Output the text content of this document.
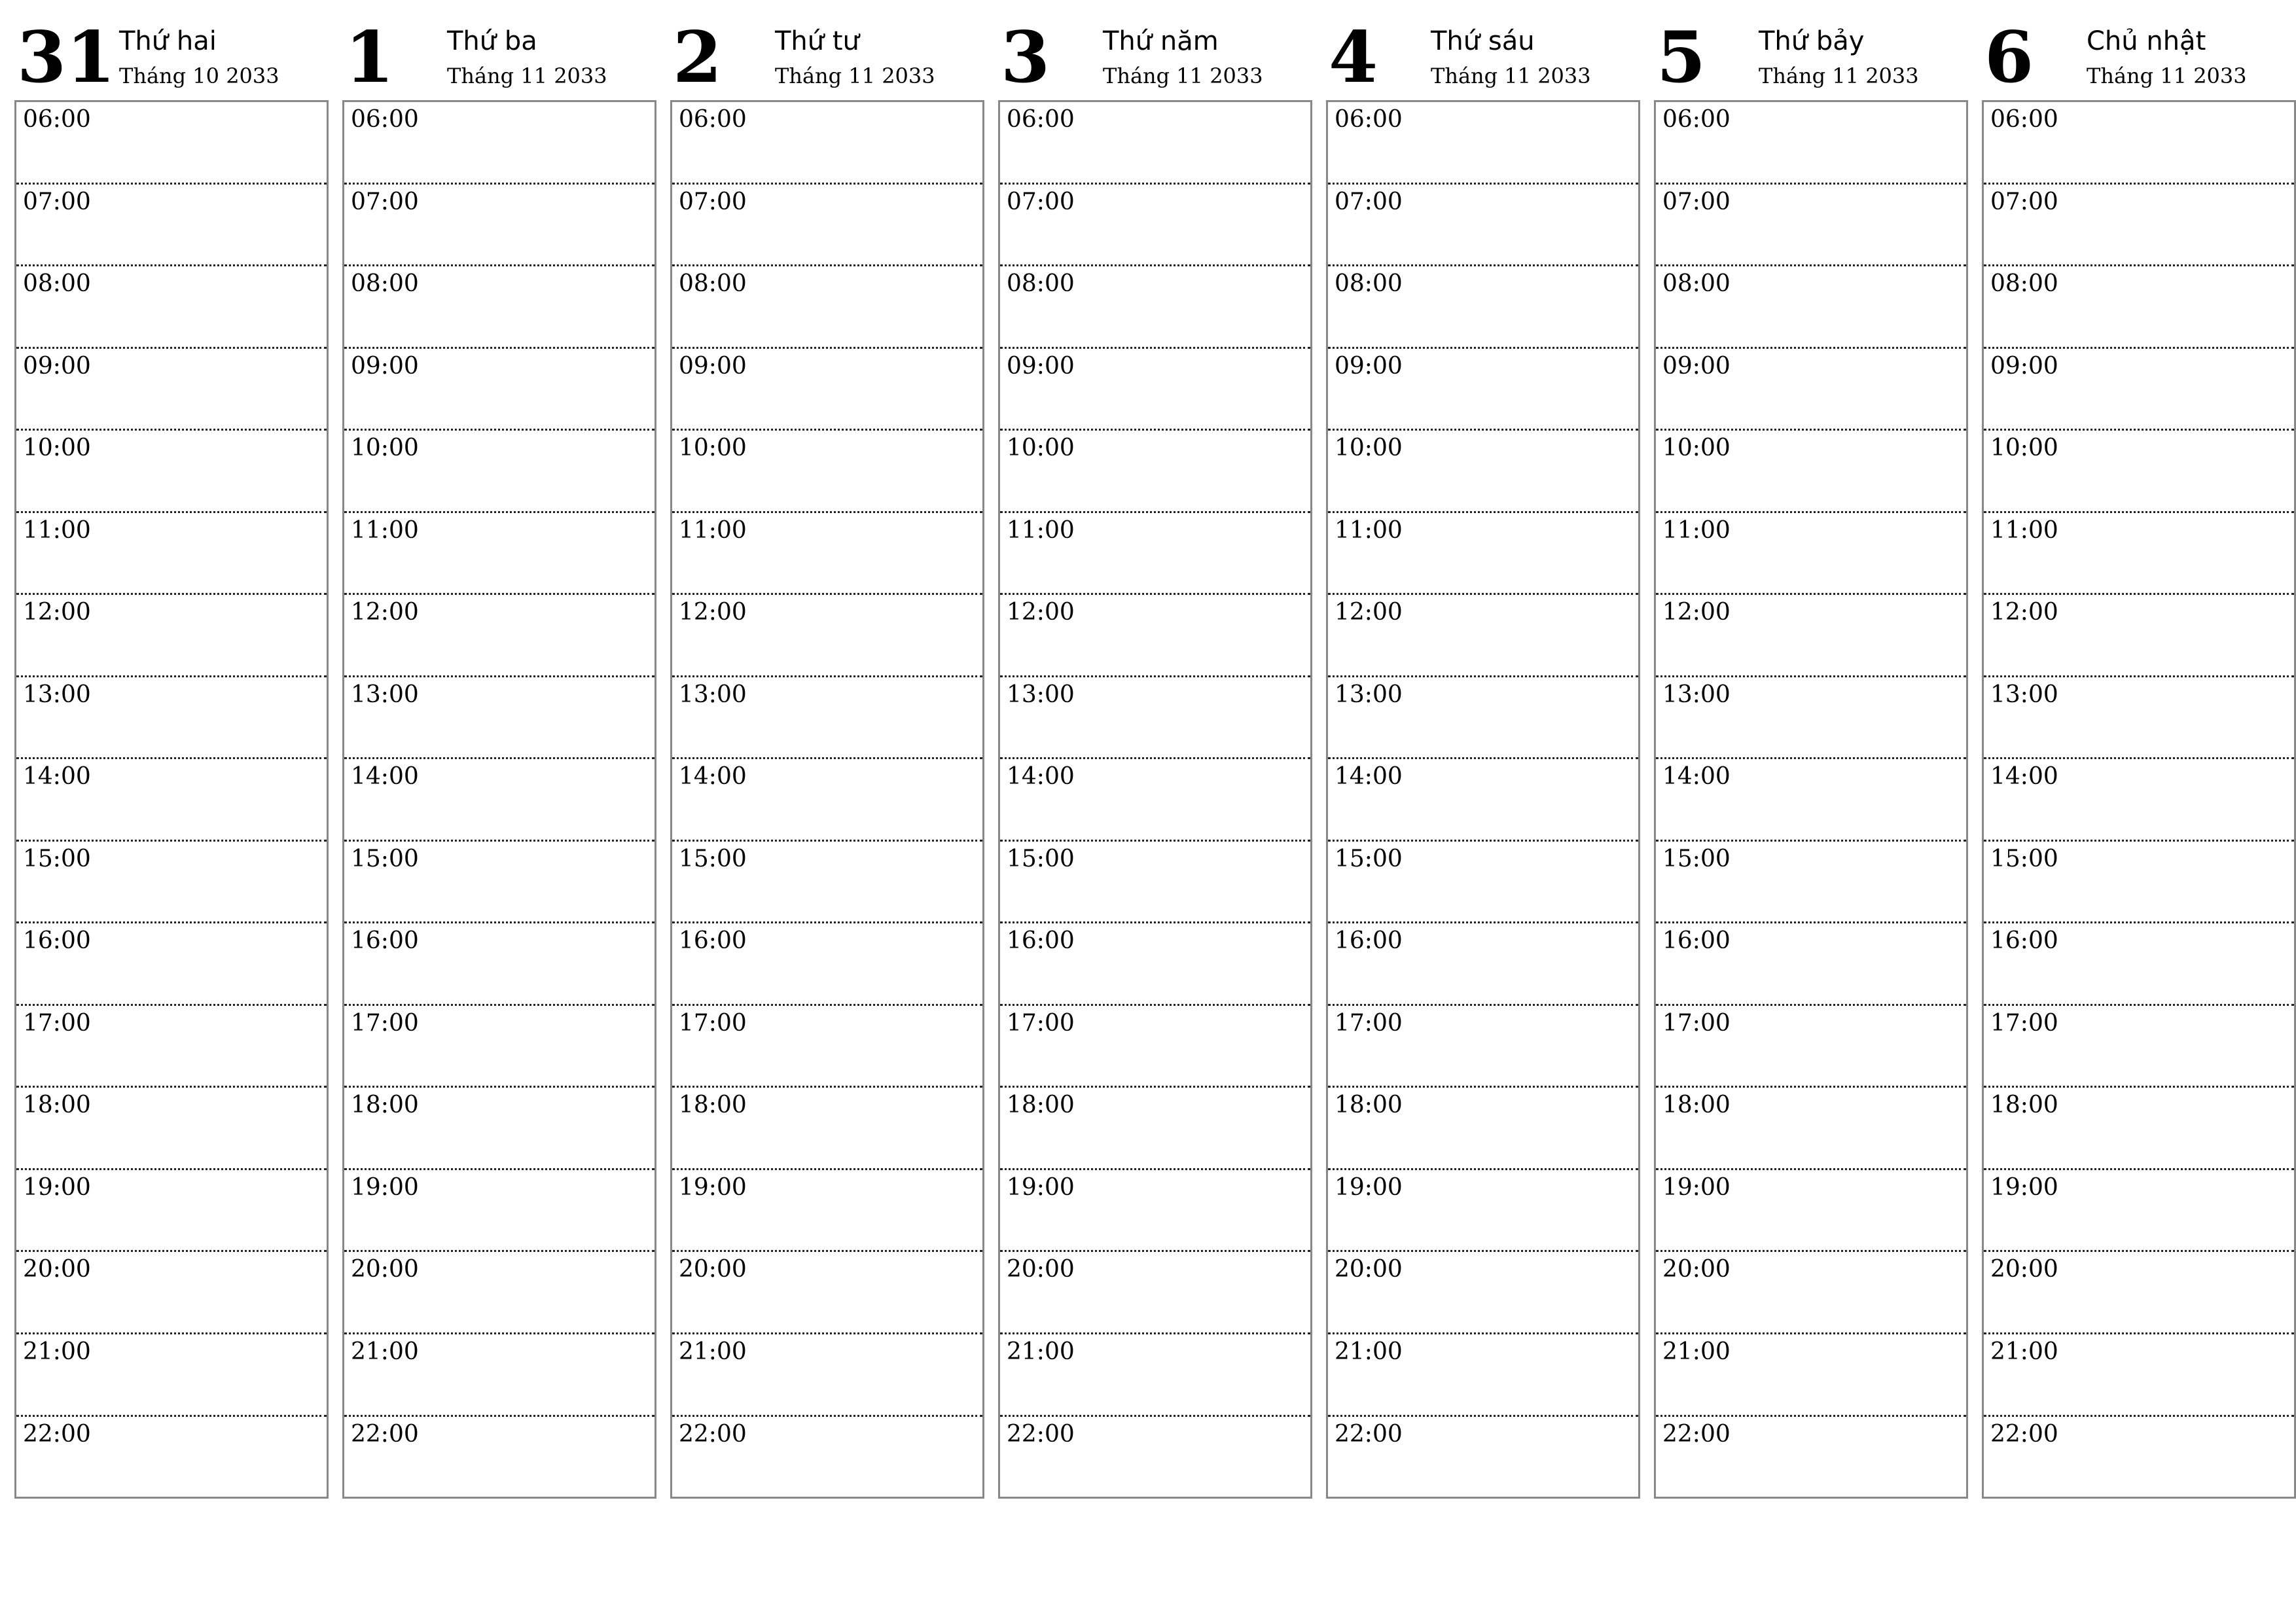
31 Thứ hai
Tháng 10 2033
06:00
07:00
08:00
09:00
10:00
11:00
12:00
13:00
14:00
15:00
16:00
17:00
18:00
19:00
20:00
21:00
22:00
1 Thứ ba
Tháng 11 2033
06:00
07:00
08:00
09:00
10:00
11:00
12:00
13:00
14:00
15:00
16:00
17:00
18:00
19:00
20:00
21:00
22:00
2 Thứ tư
Tháng 11 2033
06:00
07:00
08:00
09:00
10:00
11:00
12:00
13:00
14:00
15:00
16:00
17:00
18:00
19:00
20:00
21:00
22:00
3 Thứ năm
Tháng 11 2033
06:00
07:00
08:00
09:00
10:00
11:00
12:00
13:00
14:00
15:00
16:00
17:00
18:00
19:00
20:00
21:00
22:00
4 Thứ sáu
Tháng 11 2033
06:00
07:00
08:00
09:00
10:00
11:00
12:00
13:00
14:00
15:00
16:00
17:00
18:00
19:00
20:00
21:00
22:00
5 Thứ bảy
Tháng 11 2033
06:00
07:00
08:00
09:00
10:00
11:00
12:00
13:00
14:00
15:00
16:00
17:00
18:00
19:00
20:00
21:00
22:00
6 Chủ nhật
Tháng 11 2033
06:00
07:00
08:00
09:00
10:00
11:00
12:00
13:00
14:00
15:00
16:00
17:00
18:00
19:00
20:00
21:00
22:00
